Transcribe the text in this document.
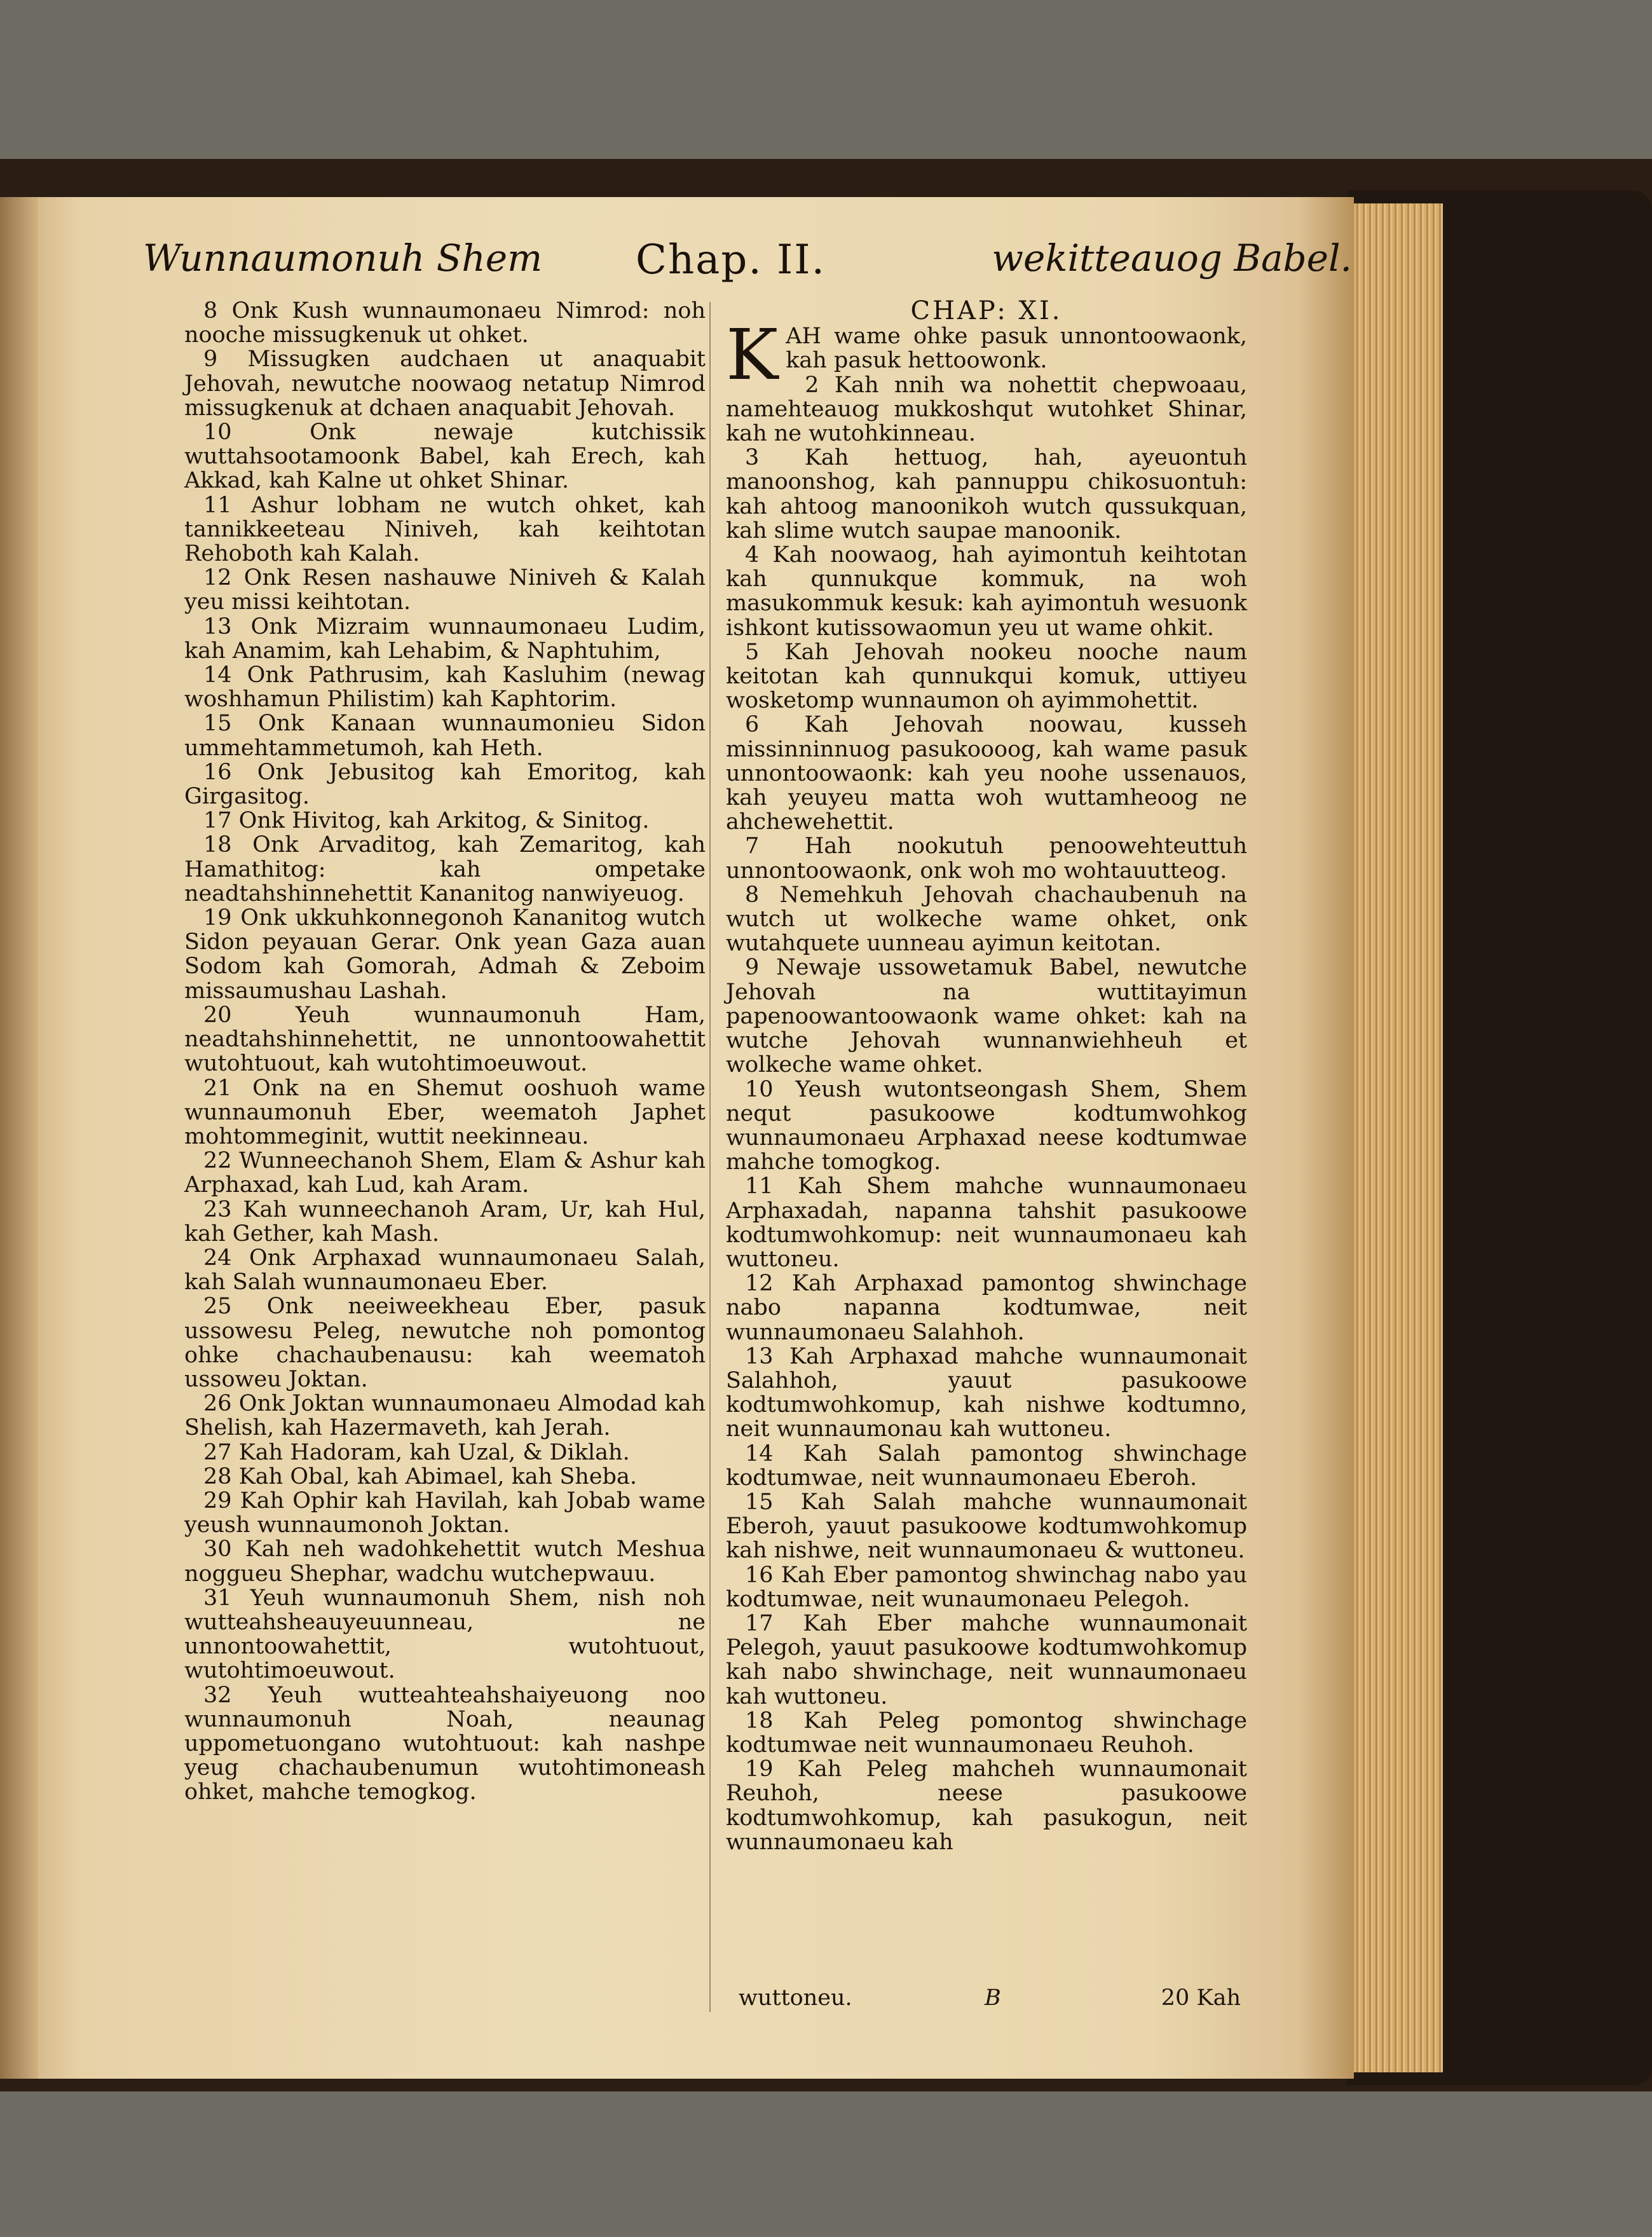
Wunnaumonuh Shem Chap. II.	wekitteauog Babel.

8 Onk Kush wunnaumonaeu Nimrod: noh nooche missugkenuk ut ohket.

9 Missugken audchaen ut anaquabit Jehovah, newutche noowaog netatup Nimrod missugkenuk at dchaen anaquabit Jehovah.

10 Onk newaje kutchissik wuttahsootamoonk Babel, kah Erech, kah Akkad, kah Kalne ut ohket Shinar.

11 Ashur lobham ne wutch ohket, kah tannikkeeteau Niniveh, kah keihtotan Rehoboth kah Kalah.

12 Onk Resen nashauwe Niniveh & Kalah yeu missi keihtotan.

13 Onk Mizraim wunnaumonaeu Ludim, kah Anamim, kah Lehabim, & Naphtuhim,

14 Onk Pathrusim, kah Kasluhim (newag woshhamun Philistim) kah Kaphtorim.

15 Onk Kanaan wunnaumonieu Sidon ummehtammetumoh, kah Heth.

16 Onk Jebusitog kah Emoritog, kah Girgasitog.

17 Onk Hivitog, kah Arkitog, & Sinitog.

18 Onk Arvaditog, kah Zemaritog, kah Hamathitog: kah ompetake neadtahshinnehettit Kananitog nanwiyeuog.

19 Onk ukkuhkonnegonoh Kananitog wutch Sidon peyauan Gerar. Onk yean Gaza auan Sodom kah Gomorah, Admah & Zeboim missaumushau Lashah.

20 Yeuh wunnaumonuh Ham, neadtahshinnehettit, ne unnontoowahettit wutohtuout, kah wutohtimoeuwout.

21 Onk na en Shemut ooshuoh wame wunnaumonuh Eber, weematoh Japhet mohtommeginit, wuttit neekinneau.

22 Wunneechanoh Shem, Elam & Ashur kah Arphaxad, kah Lud, kah Aram.

23 Kah wunneechanoh Aram, Ur, kah Hul, kah Gether, kah Mash.

24 Onk Arphaxad wunnaumonaeu Salah, kah Salah wunnaumonaeu Eber.

25 Onk neeiweekheau Eber, pasuk ussowesu Peleg, newutche noh pomontog ohke chachaubenausu: kah weematoh ussoweu Joktan.

26 Onk Joktan wunnaumonaeu Almodad kah Shelish, kah Hazermaveth, kah Jerah.

27 Kah Hadoram, kah Uzal, & Diklah.

28 Kah Obal, kah Abimael, kah Sheba.

29 Kah Ophir kah Havilah, kah Jobab wame yeush wunnaumonoh Joktan.

30 Kah neh wadohkehettit wutch Meshua noggueu Shephar, wadchu wutchepwauu.

31 Yeuh wunnaumonuh Shem, nish noh wutteahsheauyeuunneau, ne unnontoowahettit, wutohtuout, wutohtimoeuwout.

32 Yeuh wutteahteahshaiyeuong noo wunnaumonuh Noah, neaunag uppometuongano wutohtuout: kah nashpe yeug chachaubenumun wutohtimoneash ohket, mahche temogkog.

CHAP: XI.

K AH wame ohke pasuk unnontoowaonk, kah pasuk hettoowonk.

2 Kah nnih wa nohettit chepwoaau, namehteauog mukkoshqut wutohket Shinar, kah ne wutohkinneau.

3 Kah hettuog, hah, ayeuontuh manoonshog, kah pannuppu chikosuontuh: kah ahtoog manoonikoh wutch qussukquan, kah slime wutch saupae manoonik.

4 Kah noowaog, hah ayimontuh keihtotan kah qunnukque kommuk, na woh masukommuk kesuk: kah ayimontuh wesuonk ishkont kutissowaomun yeu ut wame ohkit.

5 Kah Jehovah nookeu nooche naum keitotan kah qunnukqui komuk, uttiyeu wosketomp wunnaumon oh ayimmohettit.

6 Kah Jehovah noowau, kusseh missinninnuog pasukoooog, kah wame pasuk unnontoowaonk: kah yeu noohe ussenauos, kah yeuyeu matta woh wuttamheoog ne ahchewehettit.

7 Hah nookutuh penoowehteuttuh unnontoowaonk, onk woh mo wohtauutteog.

8 Nemehkuh Jehovah chachaubenuh na wutch ut wolkeche wame ohket, onk wutahquete uunneau ayimun keitotan.

9 Newaje ussowetamuk Babel, newutche Jehovah na wuttitayimun papenoowantoowaonk wame ohket: kah na wutche Jehovah wunnanwiehheuh et wolkeche wame ohket.

10 Yeush wutontseongash Shem, Shem nequt pasukoowe kodtumwohkog wunnaumonaeu Arphaxad neese kodtumwae mahche tomogkog.

11 Kah Shem mahche wunnaumonaeu Arphaxadah, napanna tahshit pasukoowe kodtumwohkomup: neit wunnaumonaeu kah wuttoneu.

12 Kah Arphaxad pamontog shwinchage nabo napanna kodtumwae, neit wunnaumonaeu Salahhoh.

13 Kah Arphaxad mahche wunnaumonait Salahhoh, yauut pasukoowe kodtumwohkomup, kah nishwe kodtumno, neit wunnaumonau kah wuttoneu.

14 Kah Salah pamontog shwinchage kodtumwae, neit wunnaumonaeu Eberoh.

15 Kah Salah mahche wunnaumonait Eberoh, yauut pasukoowe kodtumwohkomup kah nishwe, neit wunnaumonaeu & wuttoneu.

16 Kah Eber pamontog shwinchag nabo yau kodtumwae, neit wunaumonaeu Pelegoh.

17 Kah Eber mahche wunnaumonait Pelegoh, yauut pasukoowe kodtumwohkomup kah nabo shwinchage, neit wunnaumonaeu kah wuttoneu.

18 Kah Peleg pomontog shwinchage kodtumwae neit wunnaumonaeu Reuhoh.

19 Kah Peleg mahcheh wunnaumonait Reuhoh, neese pasukoowe kodtumwohkomup, kah pasukogun, neit wunnaumonaeu kah

wuttoneu.	B	20 Kah
